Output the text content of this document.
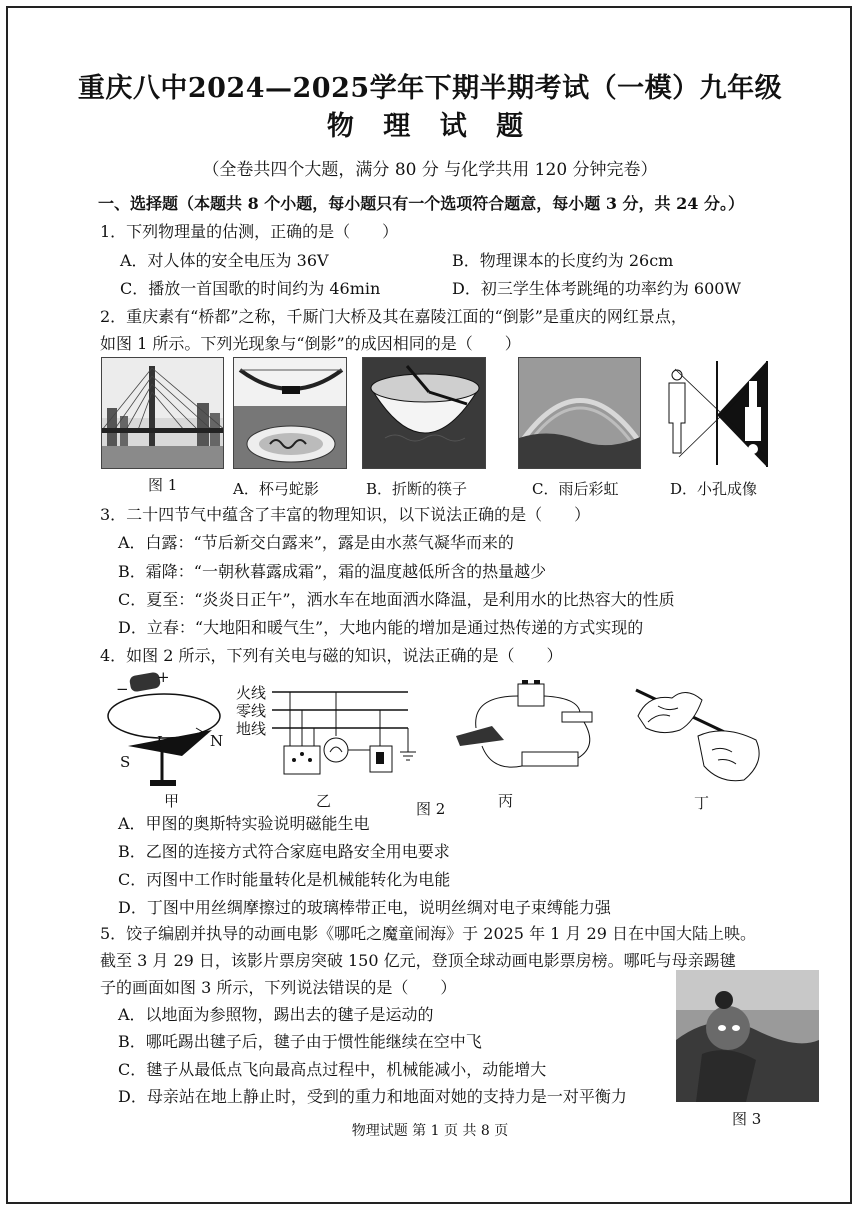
重庆八中2024—2025学年下期半期考试（一模）九年级
物 理 试 题
（全卷共四个大题，满分 80 分 与化学共用 120 分钟完卷）
一、选择题（本题共 8 个小题，每小题只有一个选项符合题意，每小题 3 分，共 24 分。）
1．下列物理量的估测，正确的是（　　）
A．对人体的安全电压为 36V	B．物理课本的长度约为 26cm
C．播放一首国歌的时间约为 46min	D．初三学生体考跳绳的功率约为 600W
2．重庆素有“桥都”之称，千厮门大桥及其在嘉陵江面的“倒影”是重庆的网红景点，
如图 1 所示。下列光现象与“倒影”的成因相同的是（　　）
图 1	A．杯弓蛇影	B．折断的筷子	C．雨后彩虹	D．小孔成像
3．二十四节气中蕴含了丰富的物理知识，以下说法正确的是（　　）
A．白露：“节后新交白露来”，露是由水蒸气凝华而来的
B．霜降：“一朝秋暮露成霜”，霜的温度越低所含的热量越少
C．夏至：“炎炎日正午”，洒水车在地面洒水降温，是利用水的比热容大的性质
D．立春：“大地阳和暖气生”，大地内能的增加是通过热传递的方式实现的
4．如图 2 所示，下列有关电与磁的知识，说法正确的是（　　）
−
+
I	N
S
火线
零线
地线
甲	乙	图 2	丙	丁
A．甲图的奥斯特实验说明磁能生电
B．乙图的连接方式符合家庭电路安全用电要求
C．丙图中工作时能量转化是机械能转化为电能
D．丁图中用丝绸摩擦过的玻璃棒带正电，说明丝绸对电子束缚能力强
5．饺子编剧并执导的动画电影《哪吒之魔童闹海》于 2025 年 1 月 29 日在中国大陆上映。
截至 3 月 29 日，该影片票房突破 150 亿元，登顶全球动画电影票房榜。哪吒与母亲踢毽
子的画面如图 3 所示，下列说法错误的是（　　）
A．以地面为参照物，踢出去的毽子是运动的
B．哪吒踢出毽子后，毽子由于惯性能继续在空中飞
C．毽子从最低点飞向最高点过程中，机械能减小，动能增大
D．母亲站在地上静止时，受到的重力和地面对她的支持力是一对平衡力
图 3
物理试题 第 1 页 共 8 页
